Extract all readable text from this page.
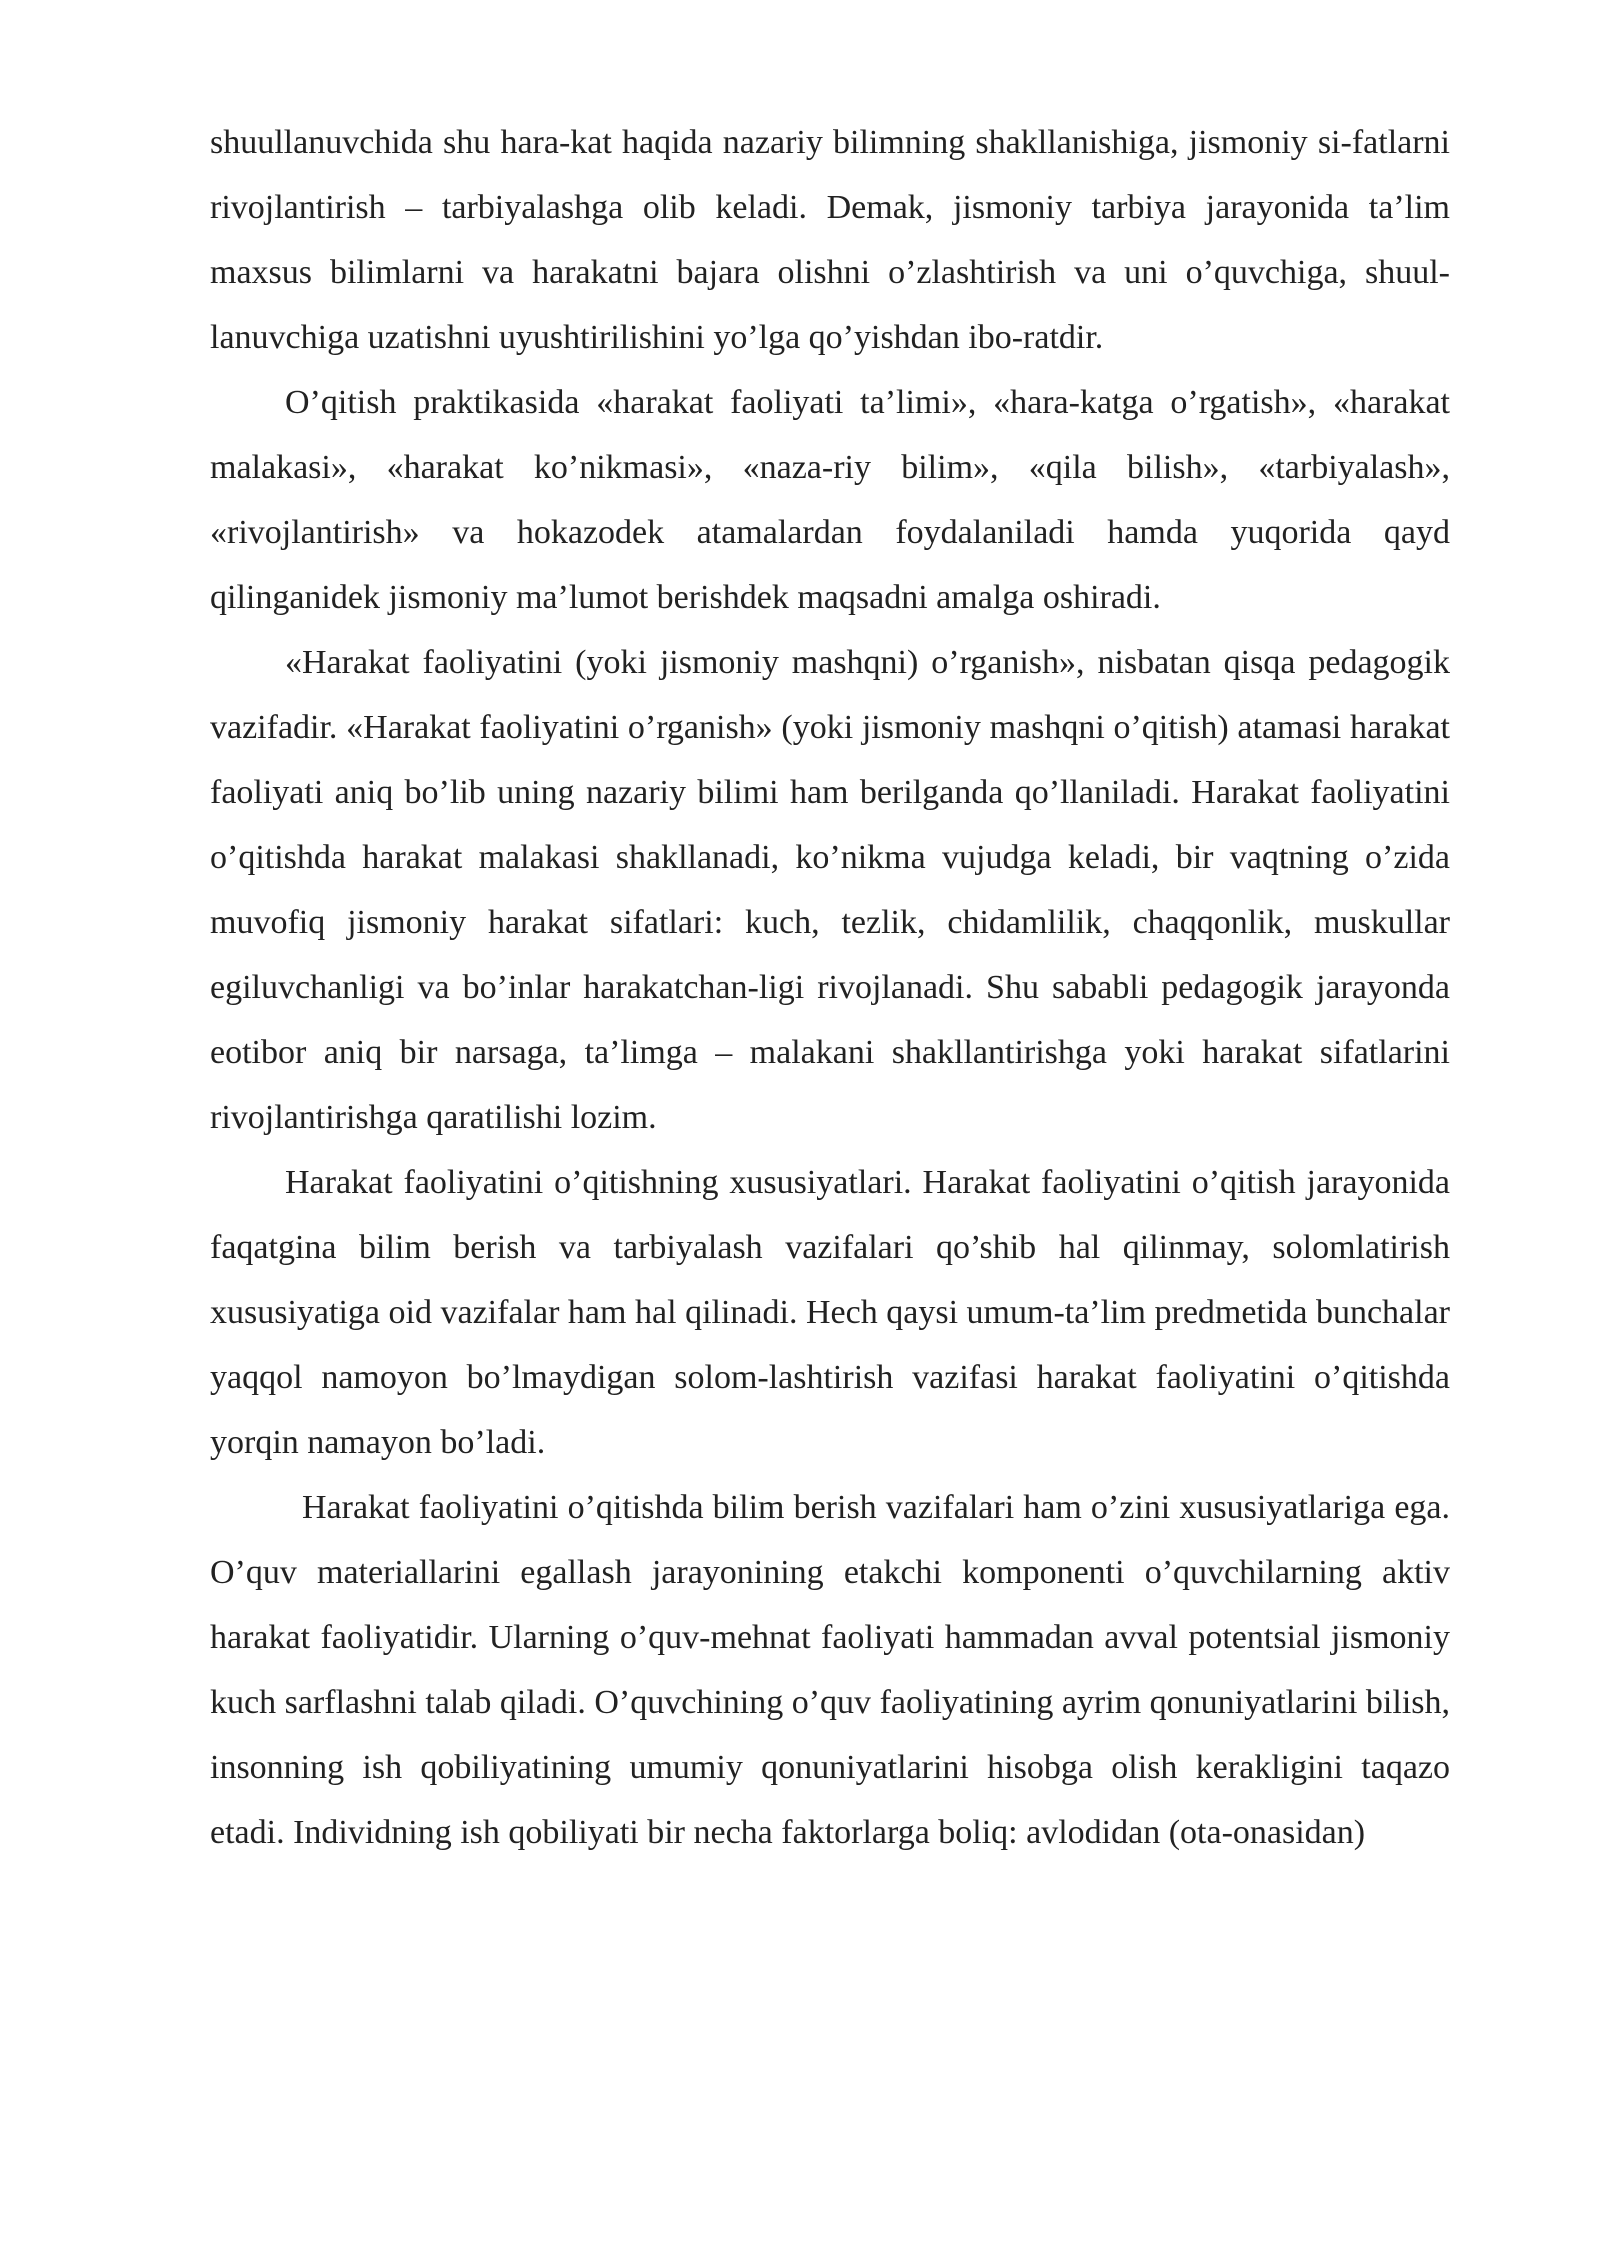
shuullanuvchida shu hara-kat haqida nazariy bilimning shakllanishiga, jismoniy si-fatlarni rivojlantirish – tarbiyalashga olib keladi. Demak, jismoniy tarbiya jarayonida ta’lim maxsus bilimlarni va harakatni bajara olishni o’zlashtirish va uni o’quvchiga, shuul-lanuvchiga uzatishni uyushtirilishini yo’lga qo’yishdan ibo-ratdir.

O’qitish praktikasida «harakat faoliyati ta’limi», «hara-katga o’rgatish», «harakat malakasi», «harakat ko’nikmasi», «naza-riy bilim», «qila bilish», «tarbiyalash», «rivojlantirish» va hokazodek atamalardan foydalaniladi hamda yuqorida qayd qilinganidek jismoniy ma’lumot berishdek maqsadni amalga oshiradi.

«Harakat faoliyatini (yoki jismoniy mashqni) o’rganish», nisbatan qisqa pedagogik vazifadir. «Harakat faoliyatini o’rganish» (yoki jismoniy mashqni o’qitish) atamasi harakat faoliyati aniq bo’lib uning nazariy bilimi ham berilganda qo’llaniladi. Harakat faoliyatini o’qitishda harakat malakasi shakllanadi, ko’nikma vujudga keladi, bir vaqtning o’zida muvofiq jismoniy harakat sifatlari: kuch, tezlik, chidamlilik, chaqqonlik, muskullar egiluvchanligi va bo’inlar harakatchan-ligi rivojlanadi. Shu sababli pedagogik jarayonda eotibor aniq bir narsaga, ta’limga – malakani shakllantirishga yoki harakat sifatlarini rivojlantirishga qaratilishi lozim.

Harakat faoliyatini o’qitishning xususiyatlari. Harakat faoliyatini o’qitish jarayonida faqatgina bilim berish va tarbiyalash vazifalari qo’shib hal qilinmay, solomlatirish xususiyatiga oid vazifalar ham hal qilinadi. Hech qaysi umum-ta’lim predmetida bunchalar yaqqol namoyon bo’lmaydigan solom-lashtirish vazifasi harakat faoliyatini o’qitishda yorqin namayon bo’ladi.

Harakat faoliyatini o’qitishda bilim berish vazifalari ham o’zini xususiyatlariga ega. O’quv materiallarini egallash jarayonining etakchi komponenti o’quvchilarning aktiv harakat faoliyatidir. Ularning o’quv-mehnat faoliyati hammadan avval potentsial jismoniy kuch sarflashni talab qiladi. O’quvchining o’quv faoliyatining ayrim qonuniyatlarini bilish, insonning ish qobiliyatining umumiy qonuniyatlarini hisobga olish kerakligini taqazo etadi. Individning ish qobiliyati bir necha faktorlarga boliq: avlodidan (ota-onasidan)
